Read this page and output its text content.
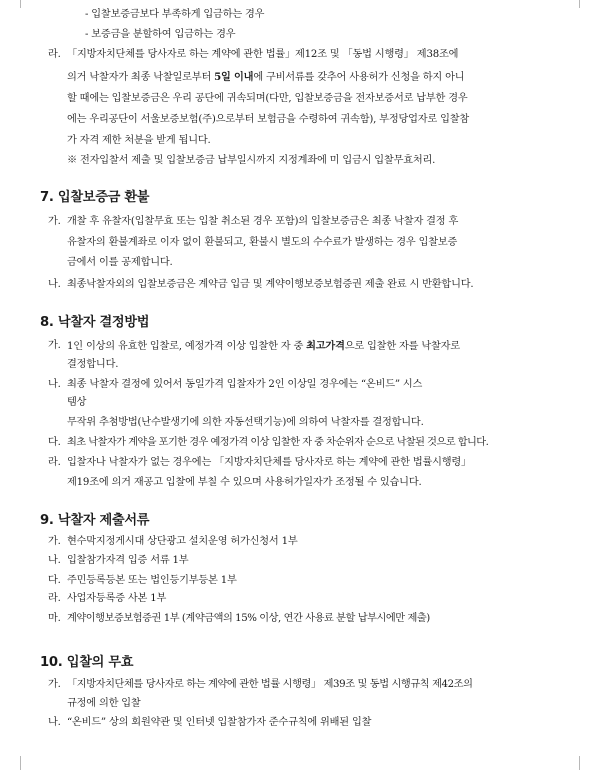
- 입찰보증금보다 부족하게 입금하는 경우
- 보증금을 분할하여 입금하는 경우
라. 「지방자치단체를 당사자로 하는 계약에 관한 법률」제12조 및 「동법 시행령」 제38조에
의거 낙찰자가 최종 낙찰일로부터 5일 이내에 구비서류를 갖추어 사용허가 신청을 하지 아니
할 때에는 입찰보증금은 우리 공단에 귀속되며(다만, 입찰보증금을 전자보증서로 납부한 경우
에는 우리공단이 서울보증보험(주)으로부터 보험금을 수령하여 귀속함), 부정당업자로 입찰참
가 자격 제한 처분을 받게 됩니다.
※ 전자입찰서 제출 및 입찰보증금 납부일시까지 지정계좌에 미 입금시 입찰무효처리.
7. 입찰보증금 환불
가. 개찰 후 유찰자(입찰무효 또는 입찰 취소된 경우 포함)의 입찰보증금은 최종 낙찰자 결정 후
유찰자의 환불계좌로 이자 없이 환불되고, 환불시 별도의 수수료가 발생하는 경우 입찰보증
금에서 이를 공제합니다.
나. 최종낙찰자외의 입찰보증금은 계약금 입금 및 계약이행보증보험증권 제출 완료 시 반환합니다.
8. 낙찰자 결정방법
가. 1인 이상의 유효한 입찰로, 예정가격 이상 입찰한 자 중 최고가격으로 입찰한 자를 낙찰자로
결정합니다.
나. 최종 낙찰자 결정에 있어서 동일가격 입찰자가 2인 이상일 경우에는 “온비드” 시스
템상
무작위 추첨방법(난수발생기에 의한 자동선택기능)에 의하여 낙찰자를 결정합니다.
다. 최초 낙찰자가 계약을 포기한 경우 예정가격 이상 입찰한 자 중 차순위자 순으로 낙찰된 것으로 합니다.
라. 입찰자나 낙찰자가 없는 경우에는 「지방자치단체를 당사자로 하는 계약에 관한 법률시행령」
제19조에 의거 재공고 입찰에 부칠 수 있으며 사용허가일자가 조정될 수 있습니다.
9. 낙찰자 제출서류
가. 현수막지정게시대 상단광고 설치운영 허가신청서 1부
나. 입찰참가자격 입증 서류 1부
다. 주민등록등본 또는 법인등기부등본 1부
라. 사업자등록증 사본 1부
마. 계약이행보증보험증권 1부 (계약금액의 15% 이상, 연간 사용료 분할 납부시에만 제출)
10. 입찰의 무효
가. 「지방자치단체를 당사자로 하는 계약에 관한 법률 시행령」 제39조 및 동법 시행규칙 제42조의
규정에 의한 입찰
나. “온비드” 상의 회원약관 및 인터넷 입찰참가자 준수규칙에 위배된 입찰
